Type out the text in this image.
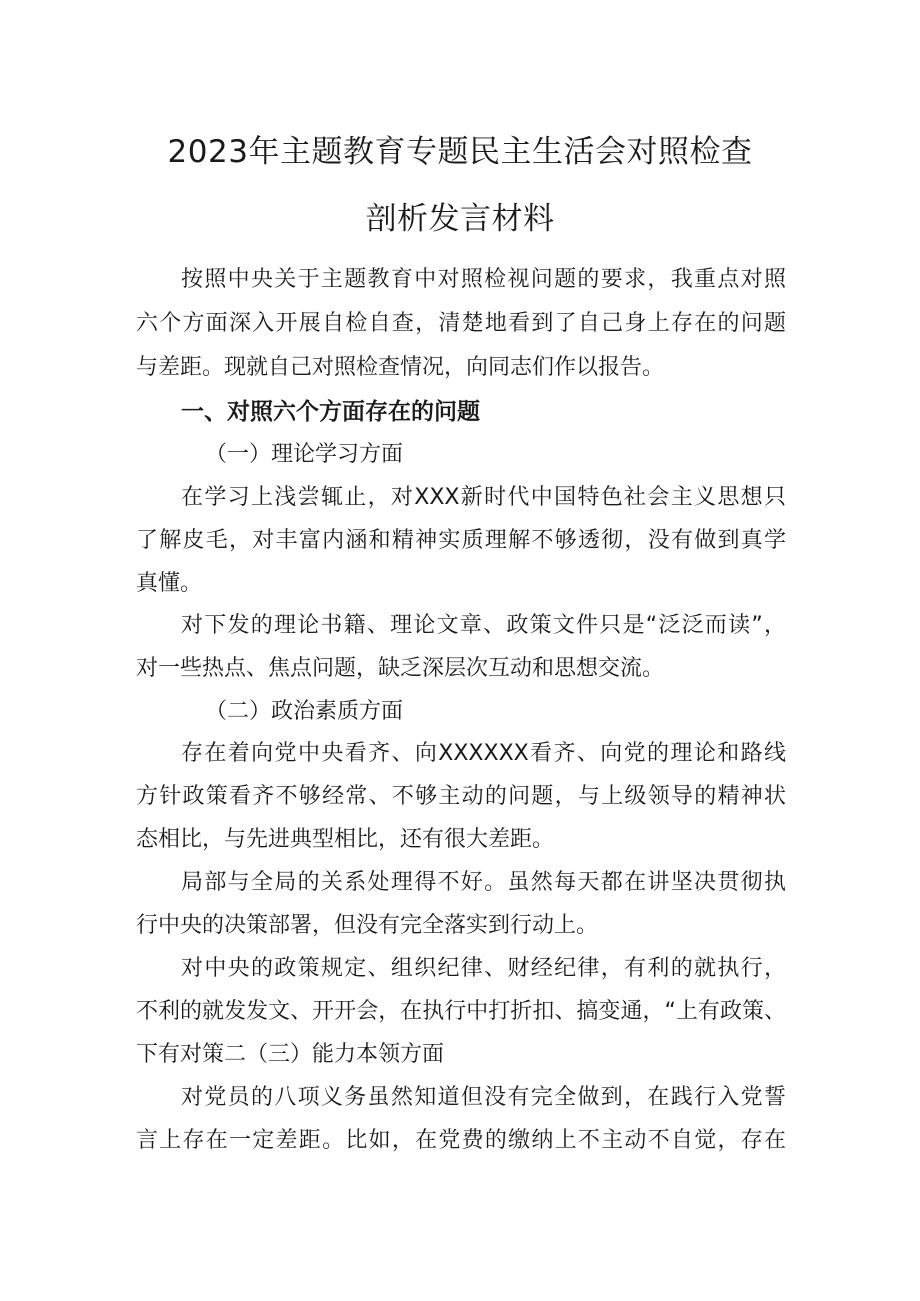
2023年主题教育专题民主生活会对照检查
剖析发言材料
按照中央关于主题教育中对照检视问题的要求，我重点对照
六个方面深入开展自检自查，清楚地看到了自己身上存在的问题
与差距。现就自己对照检查情况，向同志们作以报告。
一、对照六个方面存在的问题
（一）理论学习方面
在学习上浅尝辄止，对XXX新时代中国特色社会主义思想只
了解皮毛，对丰富内涵和精神实质理解不够透彻，没有做到真学
真懂。
对下发的理论书籍、理论文章、政策文件只是“泛泛而读”，
对一些热点、焦点问题，缺乏深层次互动和思想交流。
（二）政治素质方面
存在着向党中央看齐、向XXXXXX看齐、向党的理论和路线
方针政策看齐不够经常、不够主动的问题，与上级领导的精神状
态相比，与先进典型相比，还有很大差距。
局部与全局的关系处理得不好。虽然每天都在讲坚决贯彻执
行中央的决策部署，但没有完全落实到行动上。
对中央的政策规定、组织纪律、财经纪律，有利的就执行，
不利的就发发文、开开会，在执行中打折扣、搞变通，“上有政策、
下有对策二（三）能力本领方面
对党员的八项义务虽然知道但没有完全做到，在践行入党誓
言上存在一定差距。比如，在党费的缴纳上不主动不自觉，存在
